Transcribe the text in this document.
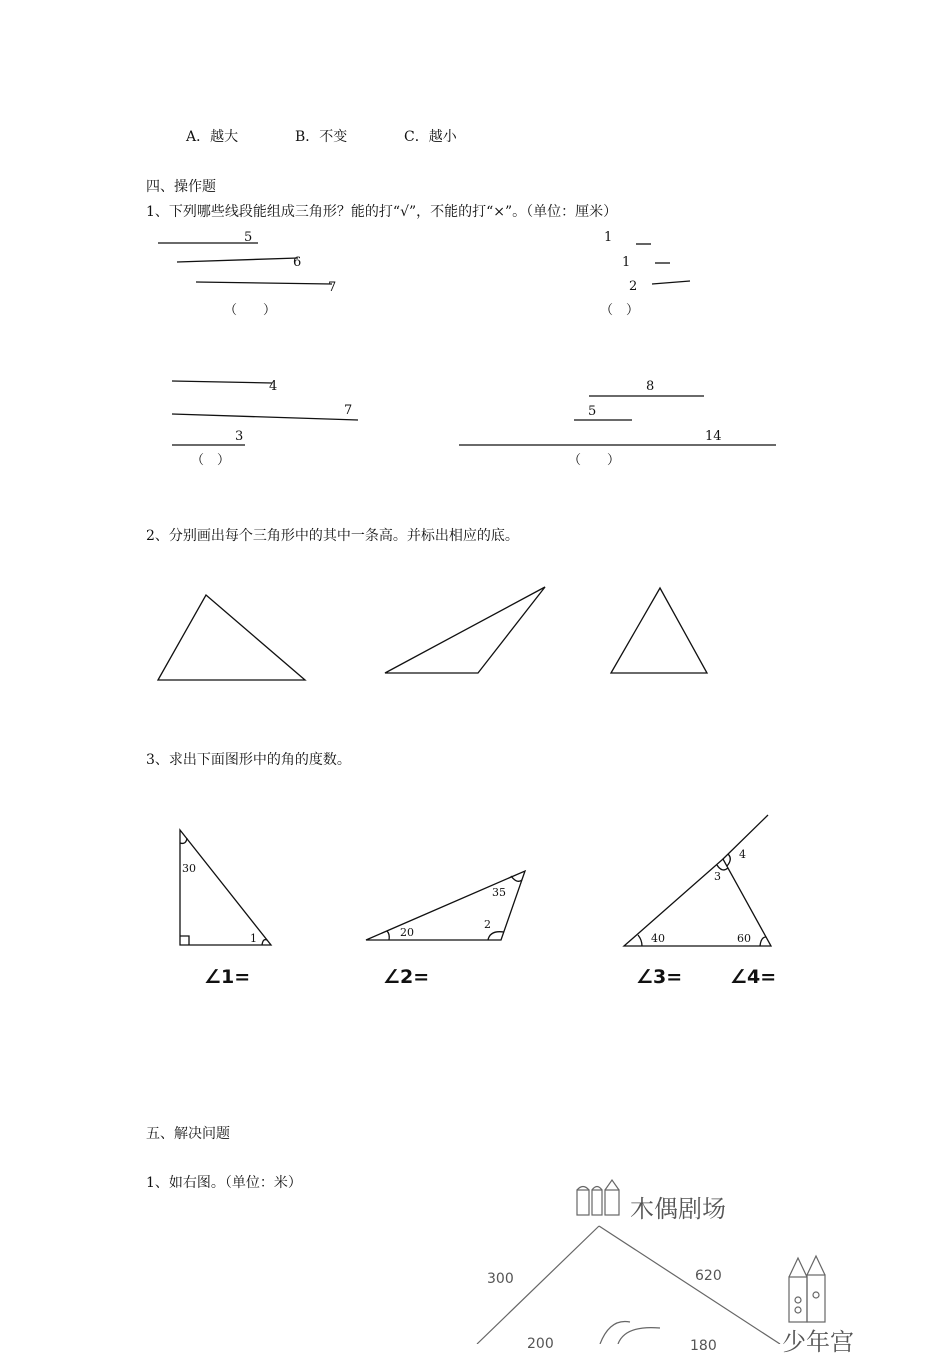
A．越大	B．不变	C．越小
四、操作题
1、下列哪些线段能组成三角形？能的打“√”，不能的打“×”。（单位：厘米）
5
6
7
（　　）
1
1
2
（　）
4
7
3
（　）
8
5
14
（　　）
2、分别画出每个三角形中的其中一条高。并标出相应的底。
3、求出下面图形中的角的度数。
30
1
35
20
2
4
3
40	60
∠1=	∠2=	∠3=	∠4=
五、解决问题
1、如右图。（单位：米）
木偶剧场
少年宫
300	620
200	180
